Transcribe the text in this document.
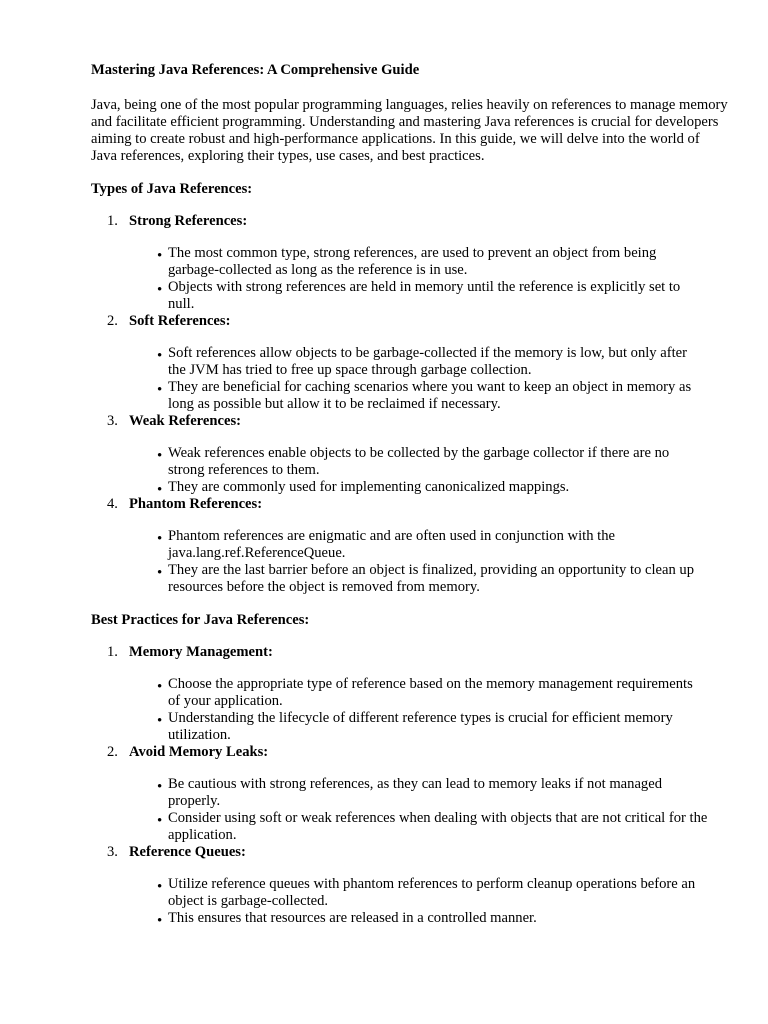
Mastering Java References: A Comprehensive Guide

Java, being one of the most popular programming languages, relies heavily on references to manage memory and facilitate efficient programming. Understanding and mastering Java references is crucial for developers aiming to create robust and high-performance applications. In this guide, we will delve into the world of Java references, exploring their types, use cases, and best practices.

Types of Java References:
1. Strong References:
• The most common type, strong references, are used to prevent an object from being garbage-collected as long as the reference is in use.
• Objects with strong references are held in memory until the reference is explicitly set to null.
2. Soft References:
• Soft references allow objects to be garbage-collected if the memory is low, but only after the JVM has tried to free up space through garbage collection.
• They are beneficial for caching scenarios where you want to keep an object in memory as long as possible but allow it to be reclaimed if necessary.
3. Weak References:
• Weak references enable objects to be collected by the garbage collector if there are no strong references to them.
• They are commonly used for implementing canonicalized mappings.
4. Phantom References:
• Phantom references are enigmatic and are often used in conjunction with the java.lang.ref.ReferenceQueue.
• They are the last barrier before an object is finalized, providing an opportunity to clean up resources before the object is removed from memory.
Best Practices for Java References:
1. Memory Management:
• Choose the appropriate type of reference based on the memory management requirements of your application.
• Understanding the lifecycle of different reference types is crucial for efficient memory utilization.
2. Avoid Memory Leaks:
• Be cautious with strong references, as they can lead to memory leaks if not managed properly.
• Consider using soft or weak references when dealing with objects that are not critical for the application.
3. Reference Queues:
• Utilize reference queues with phantom references to perform cleanup operations before an object is garbage-collected.
• This ensures that resources are released in a controlled manner.
